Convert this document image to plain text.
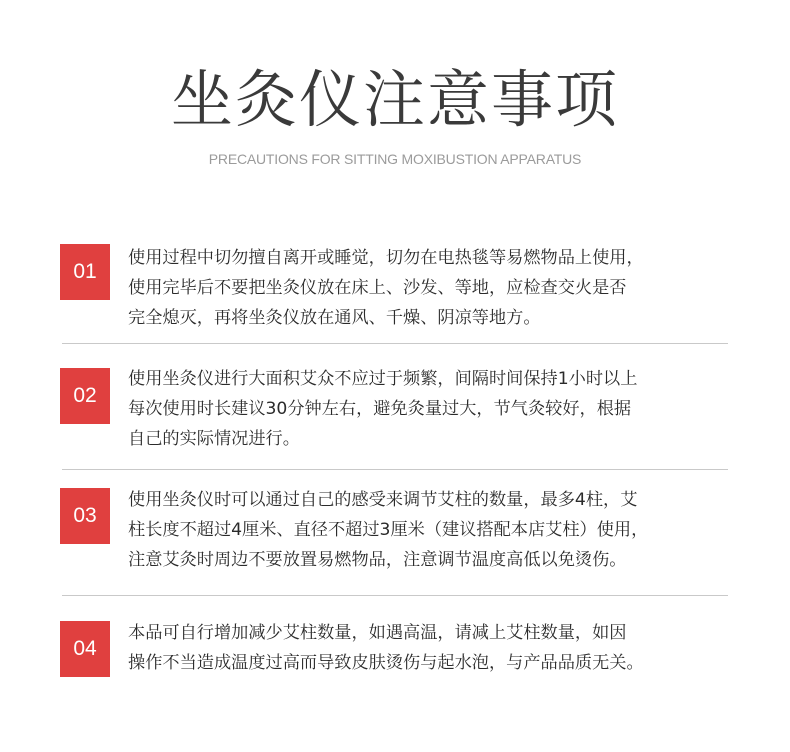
坐灸仪注意事项
PRECAUTIONS FOR SITTING MOXIBUSTION APPARATUS
01
使用过程中切勿擅自离开或睡觉，切勿在电热毯等易燃物品上使用，
使用完毕后不要把坐灸仪放在床上、沙发、等地，应检查交火是否
完全熄灭，再将坐灸仪放在通风、千燥、阴凉等地方。
02
使用坐灸仪进行大面积艾众不应过于频繁，间隔时间保持1小时以上
每次使用时长建议30分钟左右，避免灸量过大，节气灸较好，根据
自己的实际情况进行。
03
使用坐灸仪时可以通过自己的感受来调节艾柱的数量，最多4柱，艾
柱长度不超过4厘米、直径不超过3厘米（建议搭配本店艾柱）使用，
注意艾灸时周边不要放置易燃物品，注意调节温度高低以免烫伤。
04
本品可自行增加减少艾柱数量，如遇高温，请减上艾柱数量，如因
操作不当造成温度过高而导致皮肤烫伤与起水泡，与产品品质无关。
